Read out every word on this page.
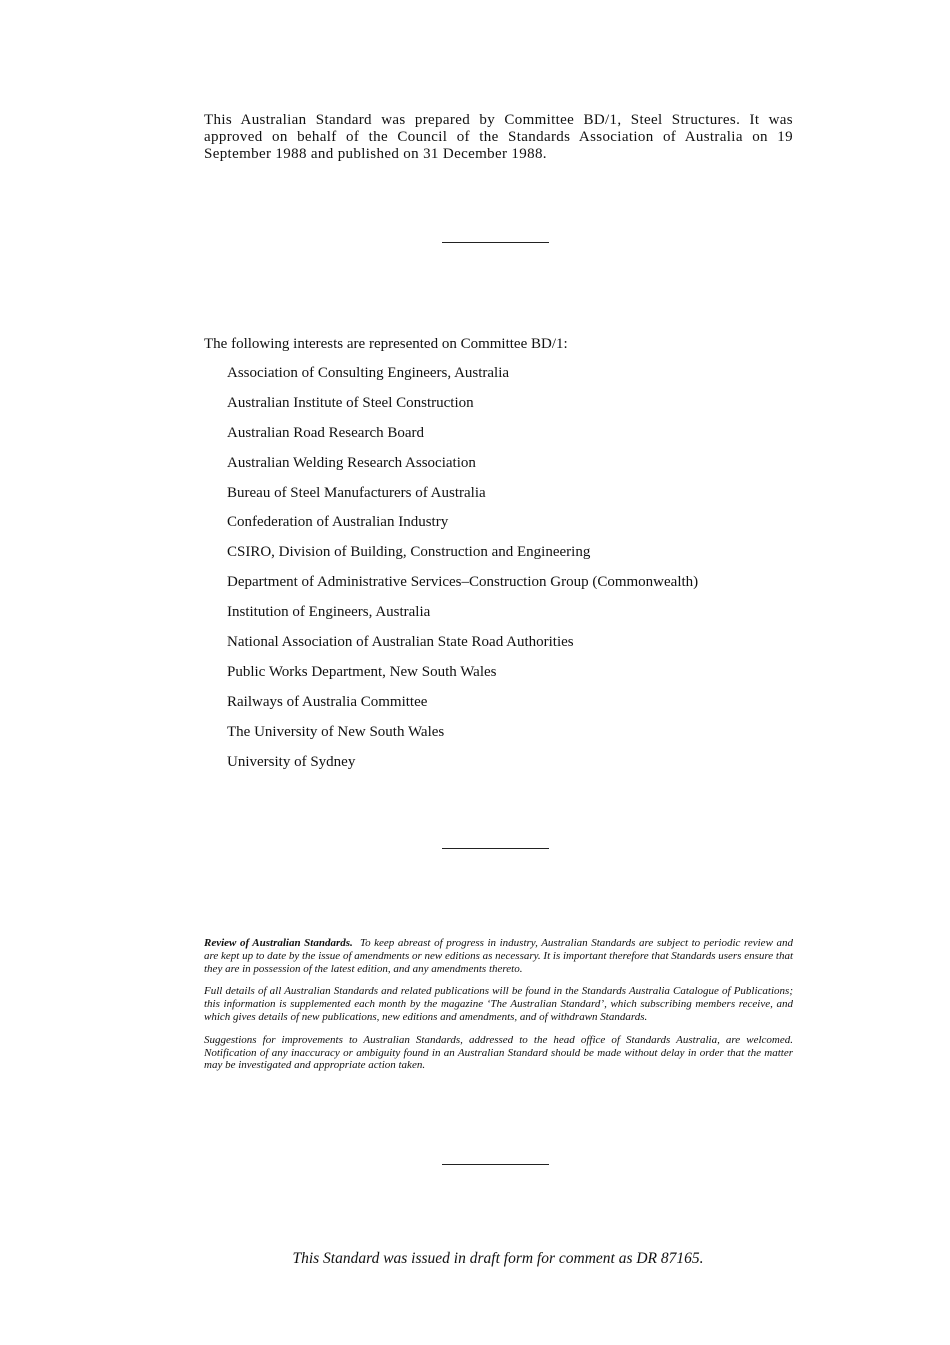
This Australian Standard was prepared by Committee BD/1, Steel Structures. It was approved on behalf of the Council of the Standards Association of Australia on 19 September 1988 and published on 31 December 1988.
The following interests are represented on Committee BD/1:
Association of Consulting Engineers, Australia
Australian Institute of Steel Construction
Australian Road Research Board
Australian Welding Research Association
Bureau of Steel Manufacturers of Australia
Confederation of Australian Industry
CSIRO, Division of Building, Construction and Engineering
Department of Administrative Services–Construction Group (Commonwealth)
Institution of Engineers, Australia
National Association of Australian State Road Authorities
Public Works Department, New South Wales
Railways of Australia Committee
The University of New South Wales
University of Sydney

Review of Australian Standards. To keep abreast of progress in industry, Australian Standards are subject to periodic review and are kept up to date by the issue of amendments or new editions as necessary. It is important therefore that Standards users ensure that they are in possession of the latest edition, and any amendments thereto.

Full details of all Australian Standards and related publications will be found in the Standards Australia Catalogue of Publications; this information is supplemented each month by the magazine ‘The Australian Standard’, which subscribing members receive, and which gives details of new publications, new editions and amendments, and of withdrawn Standards.

Suggestions for improvements to Australian Standards, addressed to the head office of Standards Australia, are welcomed. Notification of any inaccuracy or ambiguity found in an Australian Standard should be made without delay in order that the matter may be investigated and appropriate action taken.

This Standard was issued in draft form for comment as DR 87165.
